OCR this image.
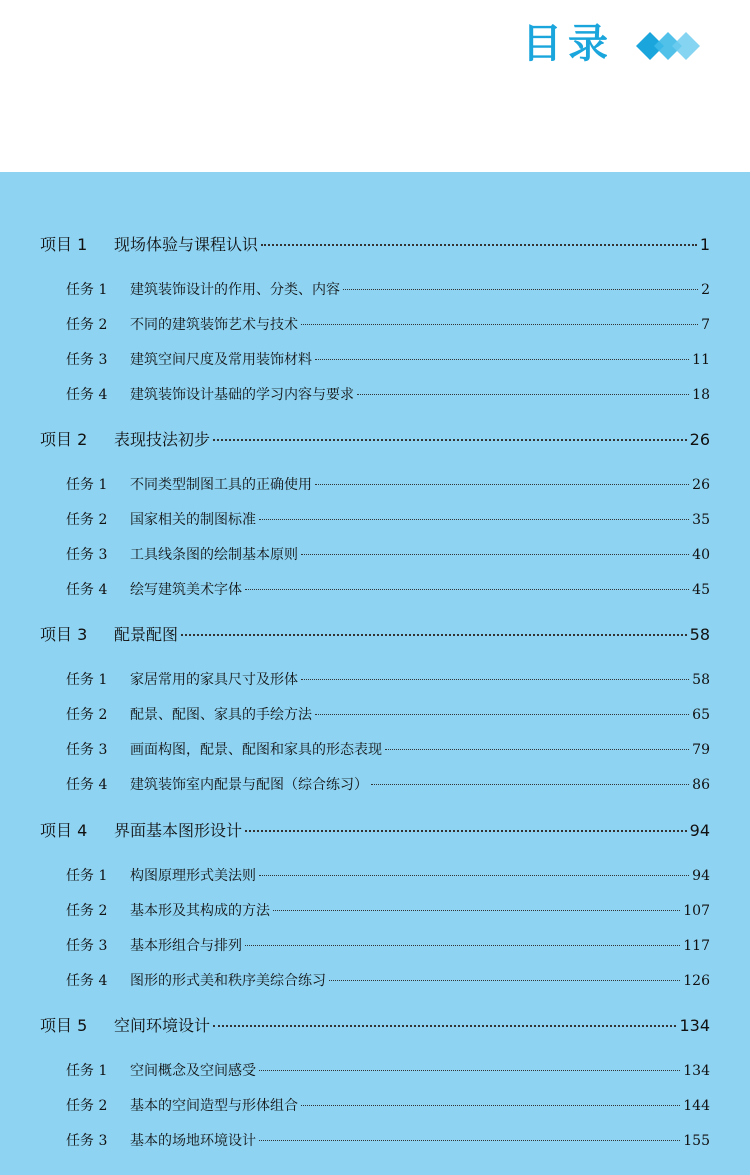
目录
项目 1	现场体验与课程认识	1
任务 1	建筑装饰设计的作用、分类、内容	2
任务 2	不同的建筑装饰艺术与技术	7
任务 3	建筑空间尺度及常用装饰材料	11
任务 4	建筑装饰设计基础的学习内容与要求	18
项目 2	表现技法初步	26
任务 1	不同类型制图工具的正确使用	26
任务 2	国家相关的制图标准	35
任务 3	工具线条图的绘制基本原则	40
任务 4	绘写建筑美术字体	45
项目 3	配景配图	58
任务 1	家居常用的家具尺寸及形体	58
任务 2	配景、配图、家具的手绘方法	65
任务 3	画面构图，配景、配图和家具的形态表现	79
任务 4	建筑装饰室内配景与配图（综合练习）	86
项目 4	界面基本图形设计	94
任务 1	构图原理形式美法则	94
任务 2	基本形及其构成的方法	107
任务 3	基本形组合与排列	117
任务 4	图形的形式美和秩序美综合练习	126
项目 5	空间环境设计	134
任务 1	空间概念及空间感受	134
任务 2	基本的空间造型与形体组合	144
任务 3	基本的场地环境设计	155
